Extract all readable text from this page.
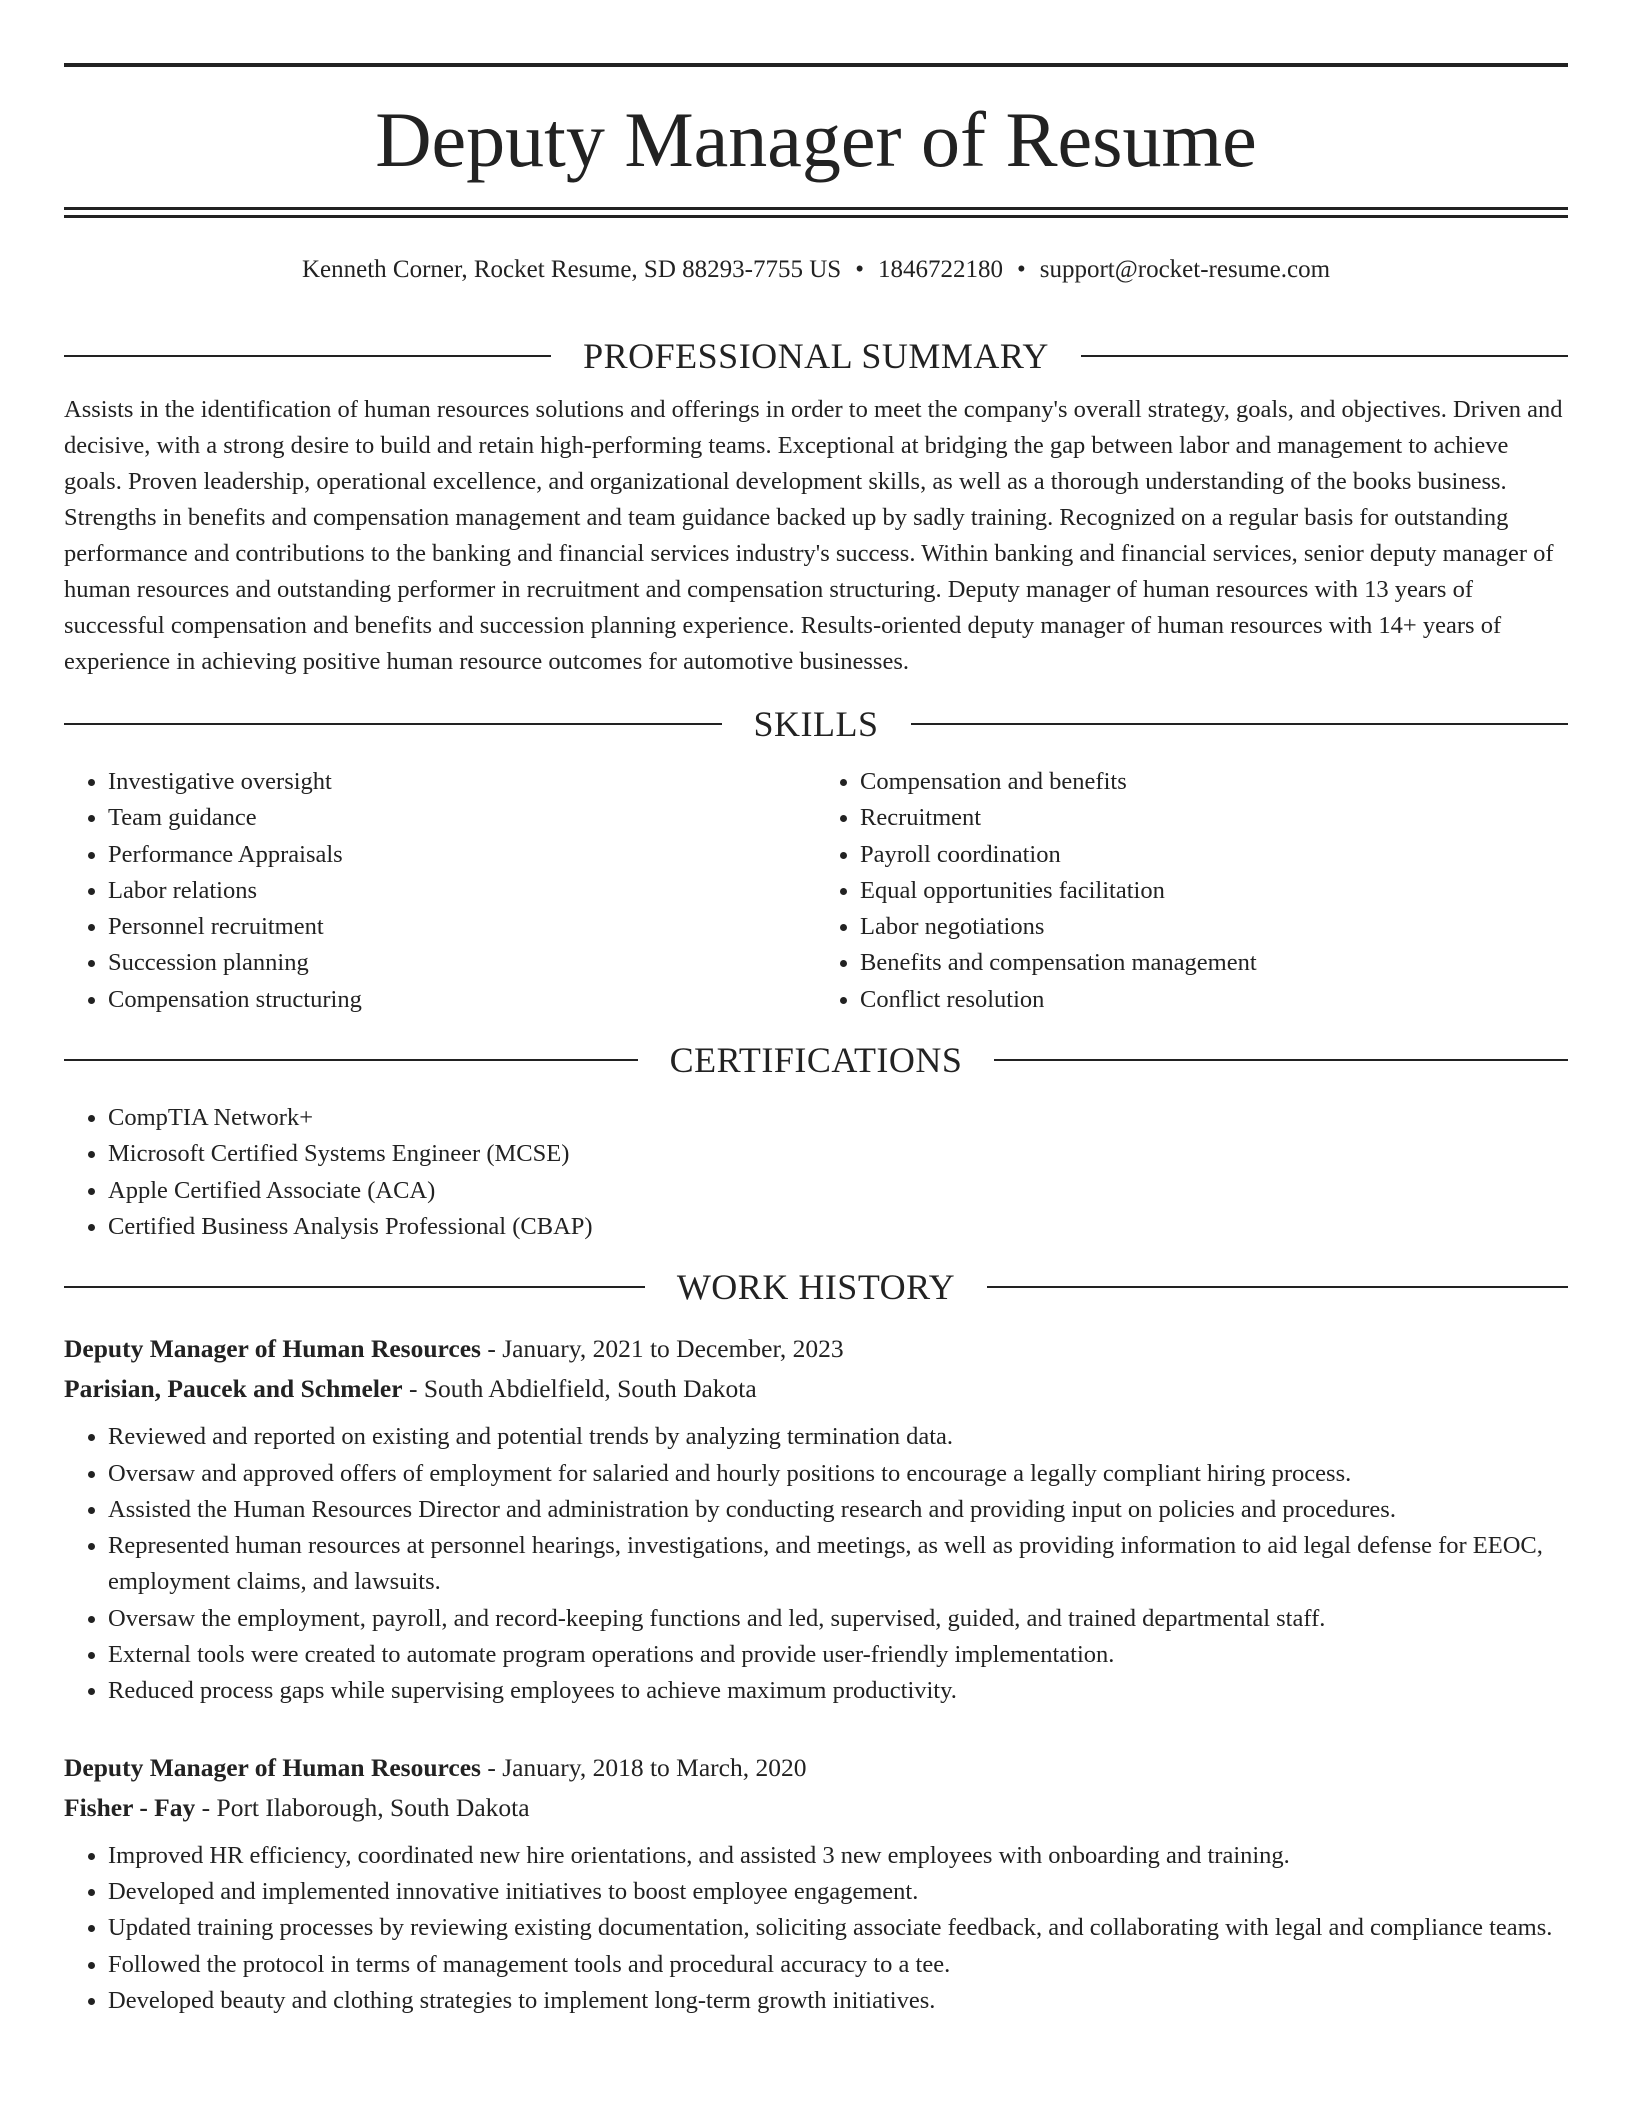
Deputy Manager of Resume

Kenneth Corner, Rocket Resume, SD 88293-7755 US • 1846722180 • support@rocket-resume.com

PROFESSIONAL SUMMARY

Assists in the identification of human resources solutions and offerings in order to meet the company's overall strategy, goals, and objectives. Driven and decisive, with a strong desire to build and retain high-performing teams. Exceptional at bridging the gap between labor and management to achieve goals. Proven leadership, operational excellence, and organizational development skills, as well as a thorough understanding of the books business. Strengths in benefits and compensation management and team guidance backed up by sadly training. Recognized on a regular basis for outstanding performance and contributions to the banking and financial services industry's success. Within banking and financial services, senior deputy manager of human resources and outstanding performer in recruitment and compensation structuring. Deputy manager of human resources with 13 years of successful compensation and benefits and succession planning experience. Results-oriented deputy manager of human resources with 14+ years of experience in achieving positive human resource outcomes for automotive businesses.

SKILLS
• Investigative oversight
• Team guidance
• Performance Appraisals
• Labor relations
• Personnel recruitment
• Succession planning
• Compensation structuring
• Compensation and benefits
• Recruitment
• Payroll coordination
• Equal opportunities facilitation
• Labor negotiations
• Benefits and compensation management
• Conflict resolution
CERTIFICATIONS
• CompTIA Network+
• Microsoft Certified Systems Engineer (MCSE)
• Apple Certified Associate (ACA)
• Certified Business Analysis Professional (CBAP)
WORK HISTORY

Deputy Manager of Human Resources - January, 2021 to December, 2023

Parisian, Paucek and Schmeler - South Abdielfield, South Dakota

• Reviewed and reported on existing and potential trends by analyzing termination data.
• Oversaw and approved offers of employment for salaried and hourly positions to encourage a legally compliant hiring process.
• Assisted the Human Resources Director and administration by conducting research and providing input on policies and procedures.
• Represented human resources at personnel hearings, investigations, and meetings, as well as providing information to aid legal defense for EEOC, employment claims, and lawsuits.
• Oversaw the employment, payroll, and record-keeping functions and led, supervised, guided, and trained departmental staff.
• External tools were created to automate program operations and provide user-friendly implementation.
• Reduced process gaps while supervising employees to achieve maximum productivity.

Deputy Manager of Human Resources - January, 2018 to March, 2020

Fisher - Fay - Port Ilaborough, South Dakota

• Improved HR efficiency, coordinated new hire orientations, and assisted 3 new employees with onboarding and training.
• Developed and implemented innovative initiatives to boost employee engagement.
• Updated training processes by reviewing existing documentation, soliciting associate feedback, and collaborating with legal and compliance teams.
• Followed the protocol in terms of management tools and procedural accuracy to a tee.
• Developed beauty and clothing strategies to implement long-term growth initiatives.
